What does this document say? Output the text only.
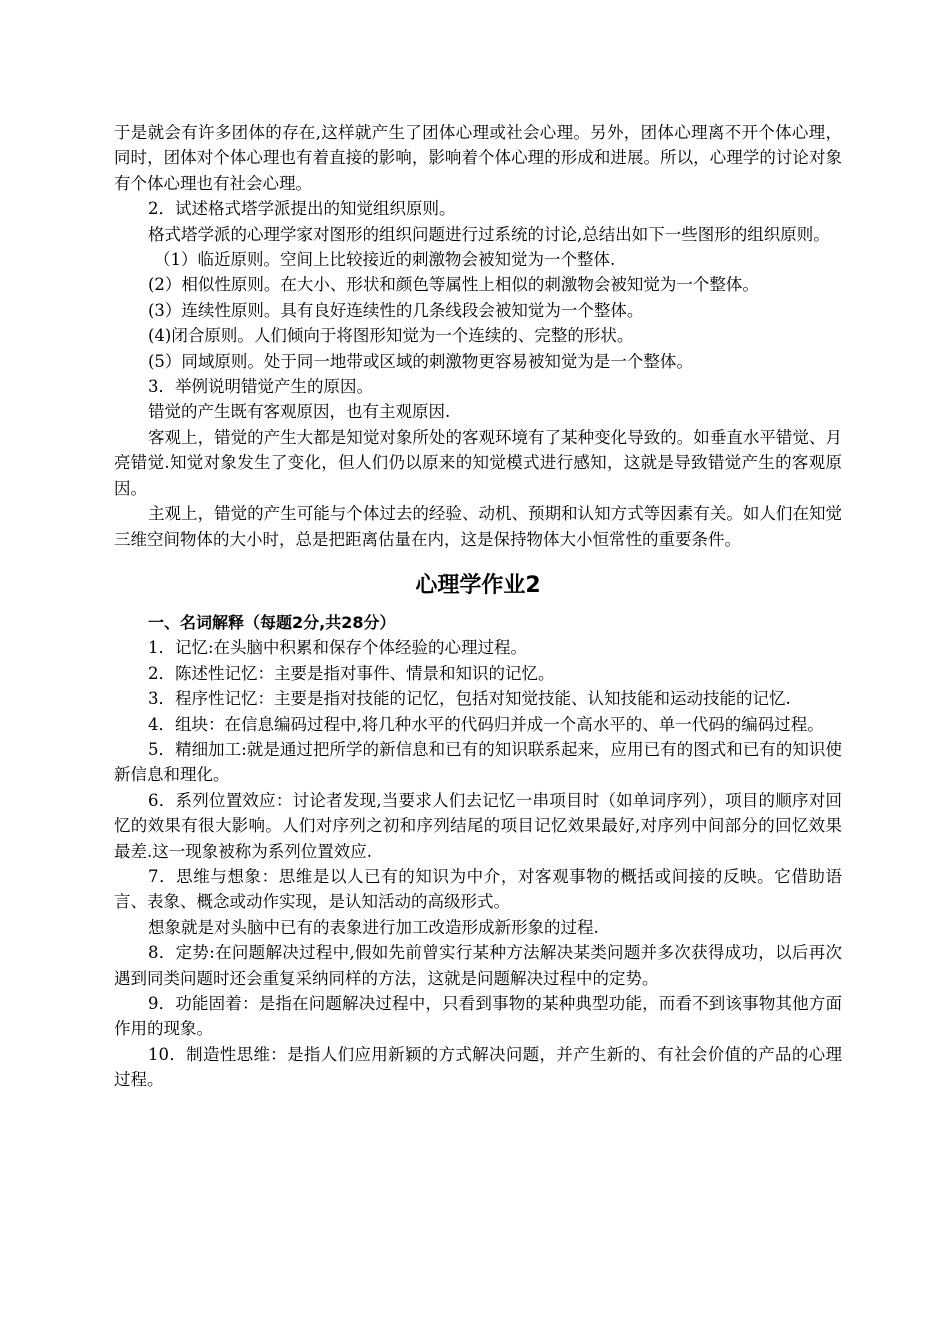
于是就会有许多团体的存在,这样就产生了团体心理或社会心理。另外，团体心理离不开个体心理，同时，团体对个体心理也有着直接的影响，影响着个体心理的形成和进展。所以，心理学的讨论对象有个体心理也有社会心理。

2．试述格式塔学派提出的知觉组织原则。

格式塔学派的心理学家对图形的组织问题进行过系统的讨论,总结出如下一些图形的组织原则。

（1）临近原则。空间上比较接近的刺激物会被知觉为一个整体.

(2）相似性原则。在大小、形状和颜色等属性上相似的刺激物会被知觉为一个整体。

(3）连续性原则。具有良好连续性的几条线段会被知觉为一个整体。

(4)闭合原则。人们倾向于将图形知觉为一个连续的、完整的形状。

(5）同域原则。处于同一地带或区域的刺激物更容易被知觉为是一个整体。

3．举例说明错觉产生的原因。

错觉的产生既有客观原因，也有主观原因.

客观上，错觉的产生大都是知觉对象所处的客观环境有了某种变化导致的。如垂直水平错觉、月亮错觉.知觉对象发生了变化，但人们仍以原来的知觉模式进行感知，这就是导致错觉产生的客观原因。

主观上，错觉的产生可能与个体过去的经验、动机、预期和认知方式等因素有关。如人们在知觉三维空间物体的大小时，总是把距离估量在内，这是保持物体大小恒常性的重要条件。

心理学作业2

一、名词解释（每题2分,共28分）

1．记忆:在头脑中积累和保存个体经验的心理过程。

2．陈述性记忆：主要是指对事件、情景和知识的记忆。

3．程序性记忆：主要是指对技能的记忆，包括对知觉技能、认知技能和运动技能的记忆.

4．组块：在信息编码过程中,将几种水平的代码归并成一个高水平的、单一代码的编码过程。

5．精细加工:就是通过把所学的新信息和已有的知识联系起来，应用已有的图式和已有的知识使新信息和理化。

6．系列位置效应：讨论者发现,当要求人们去记忆一串项目时（如单词序列），项目的顺序对回忆的效果有很大影响。人们对序列之初和序列结尾的项目记忆效果最好,对序列中间部分的回忆效果最差.这一现象被称为系列位置效应.

7．思维与想象：思维是以人已有的知识为中介，对客观事物的概括或间接的反映。它借助语言、表象、概念或动作实现，是认知活动的高级形式。

想象就是对头脑中已有的表象进行加工改造形成新形象的过程.

8．定势:在问题解决过程中,假如先前曾实行某种方法解决某类问题并多次获得成功，以后再次遇到同类问题时还会重复采纳同样的方法，这就是问题解决过程中的定势。

9．功能固着：是指在问题解决过程中，只看到事物的某种典型功能，而看不到该事物其他方面作用的现象。

10．制造性思维：是指人们应用新颖的方式解决问题，并产生新的、有社会价值的产品的心理过程。
